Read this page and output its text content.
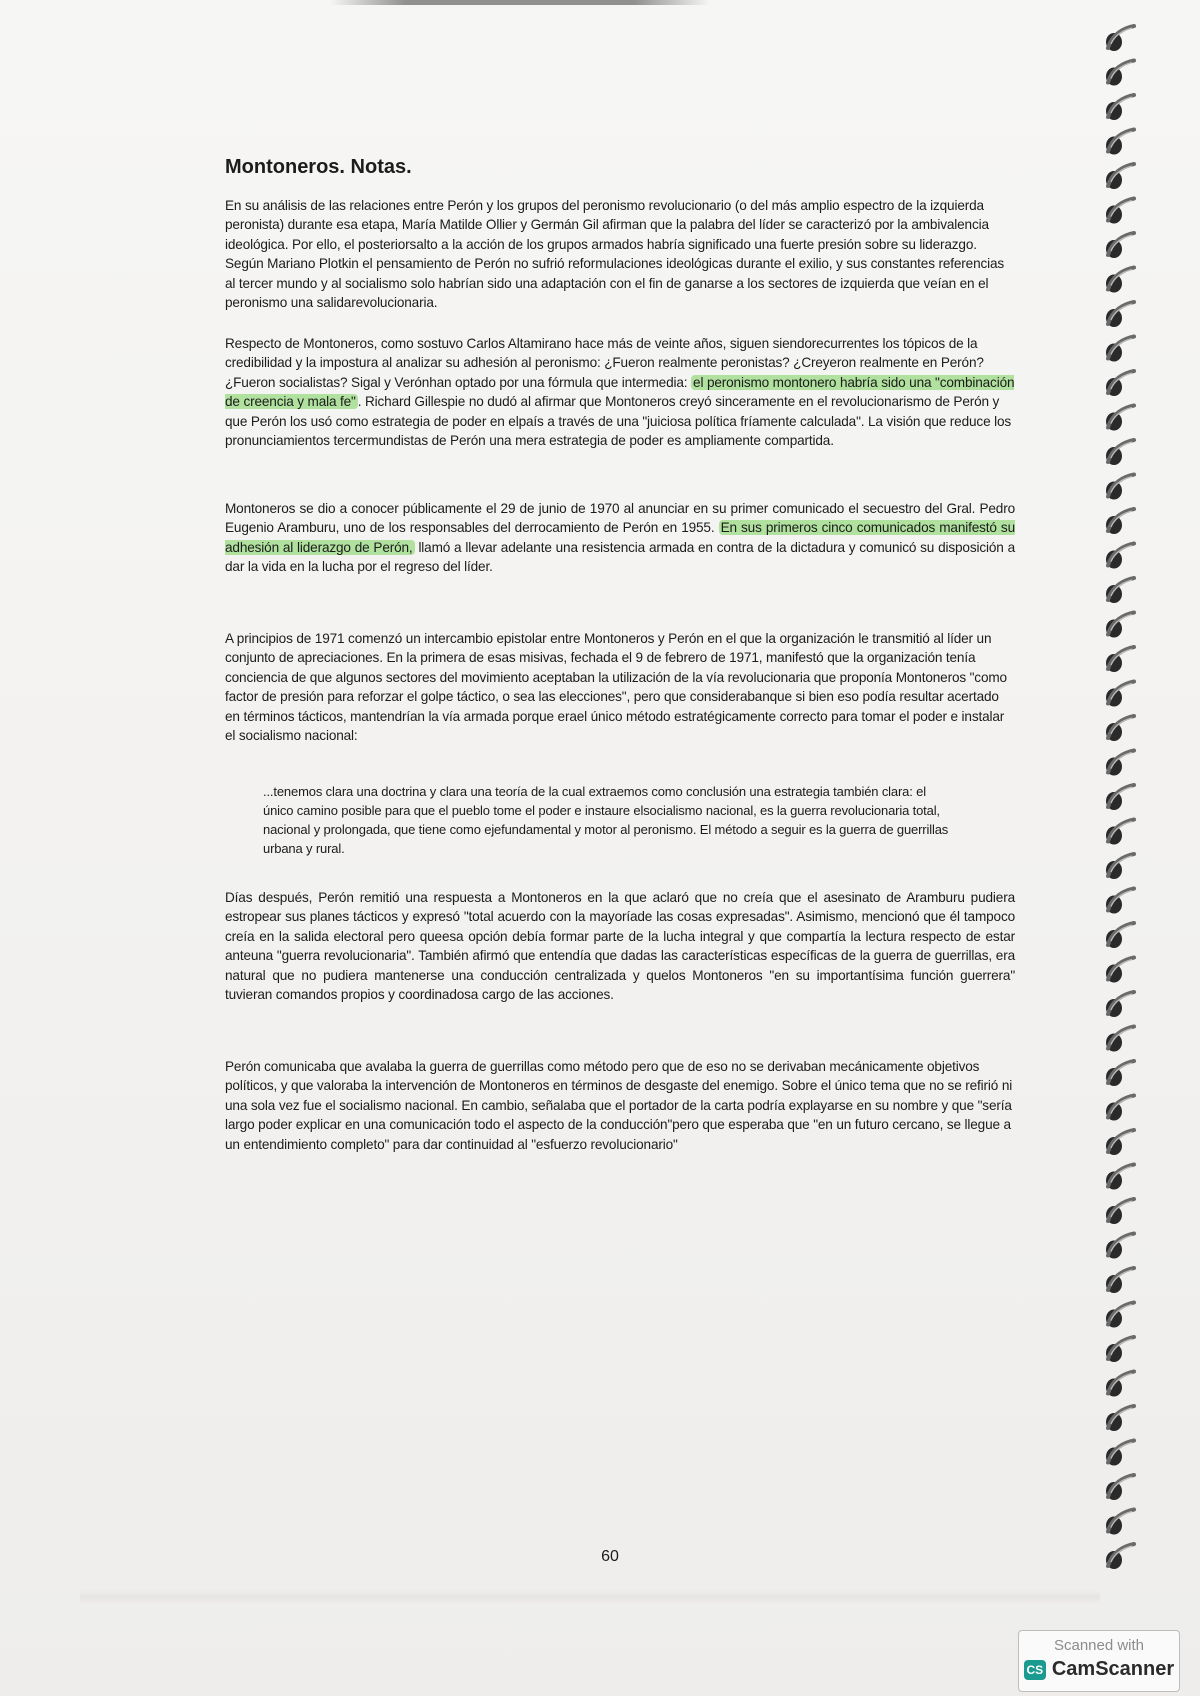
Montoneros. Notas.

En su análisis de las relaciones entre Perón y los grupos del peronismo revolucionario (o del más amplio espectro de la izquierda peronista) durante esa etapa, María Matilde Ollier y Germán Gil afirman que la palabra del líder se caracterizó por la ambivalencia ideológica. Por ello, el posteriorsalto a la acción de los grupos armados habría significado una fuerte presión sobre su liderazgo. Según Mariano Plotkin el pensamiento de Perón no sufrió reformulaciones ideológicas durante el exilio, y sus constantes referencias al tercer mundo y al socialismo solo habrían sido una adaptación con el fin de ganarse a los sectores de izquierda que veían en el peronismo una salidarevolucionaria.

Respecto de Montoneros, como sostuvo Carlos Altamirano hace más de veinte años, siguen siendorecurrentes los tópicos de la credibilidad y la impostura al analizar su adhesión al peronismo: ¿Fueron realmente peronistas? ¿Creyeron realmente en Perón? ¿Fueron socialistas? Sigal y Verónhan optado por una fórmula que intermedia: el peronismo montonero habría sido una "combinación de creencia y mala fe" . Richard Gillespie no dudó al afirmar que Montoneros creyó sinceramente en el revolucionarismo de Perón y que Perón los usó como estrategia de poder en elpaís a través de una "juiciosa política fríamente calculada". La visión que reduce los pronunciamientos tercermundistas de Perón una mera estrategia de poder es ampliamente compartida.

Montoneros se dio a conocer públicamente el 29 de junio de 1970 al anunciar en su primer comunicado el secuestro del Gral. Pedro Eugenio Aramburu, uno de los responsables del derrocamiento de Perón en 1955. En sus primeros cinco comunicados manifestó su adhesión al liderazgo de Perón, llamó a llevar adelante una resistencia armada en contra de la dictadura y comunicó su disposición a dar la vida en la lucha por el regreso del líder.

A principios de 1971 comenzó un intercambio epistolar entre Montoneros y Perón en el que la organización le transmitió al líder un conjunto de apreciaciones. En la primera de esas misivas, fechada el 9 de febrero de 1971, manifestó que la organización tenía conciencia de que algunos sectores del movimiento aceptaban la utilización de la vía revolucionaria que proponía Montoneros "como factor de presión para reforzar el golpe táctico, o sea las elecciones", pero que considerabanque si bien eso podía resultar acertado en términos tácticos, mantendrían la vía armada porque erael único método estratégicamente correcto para tomar el poder e instalar el socialismo nacional:

...tenemos clara una doctrina y clara una teoría de la cual extraemos como conclusión una estrategia también clara: el único camino posible para que el pueblo tome el poder e instaure elsocialismo nacional, es la guerra revolucionaria total, nacional y prolongada, que tiene como ejefundamental y motor al peronismo. El método a seguir es la guerra de guerrillas urbana y rural.

Días después, Perón remitió una respuesta a Montoneros en la que aclaró que no creía que el asesinato de Aramburu pudiera estropear sus planes tácticos y expresó "total acuerdo con la mayoríade las cosas expresadas". Asimismo, mencionó que él tampoco creía en la salida electoral pero queesa opción debía formar parte de la lucha integral y que compartía la lectura respecto de estar anteuna "guerra revolucionaria". También afirmó que entendía que dadas las características específicas de la guerra de guerrillas, era natural que no pudiera mantenerse una conducción centralizada y quelos Montoneros "en su importantísima función guerrera" tuvieran comandos propios y coordinadosa cargo de las acciones.

Perón comunicaba que avalaba la guerra de guerrillas como método pero que de eso no se derivaban mecánicamente objetivos políticos, y que valoraba la intervención de Montoneros en términos de desgaste del enemigo. Sobre el único tema que no se refirió ni una sola vez fue el socialismo nacional. En cambio, señalaba que el portador de la carta podría explayarse en su nombre y que "sería largo poder explicar en una comunicación todo el aspecto de la conducción"pero que esperaba que "en un futuro cercano, se llegue a un entendimiento completo" para dar continuidad al "esfuerzo revolucionario"

60
Scanned with
CS CamScanner
